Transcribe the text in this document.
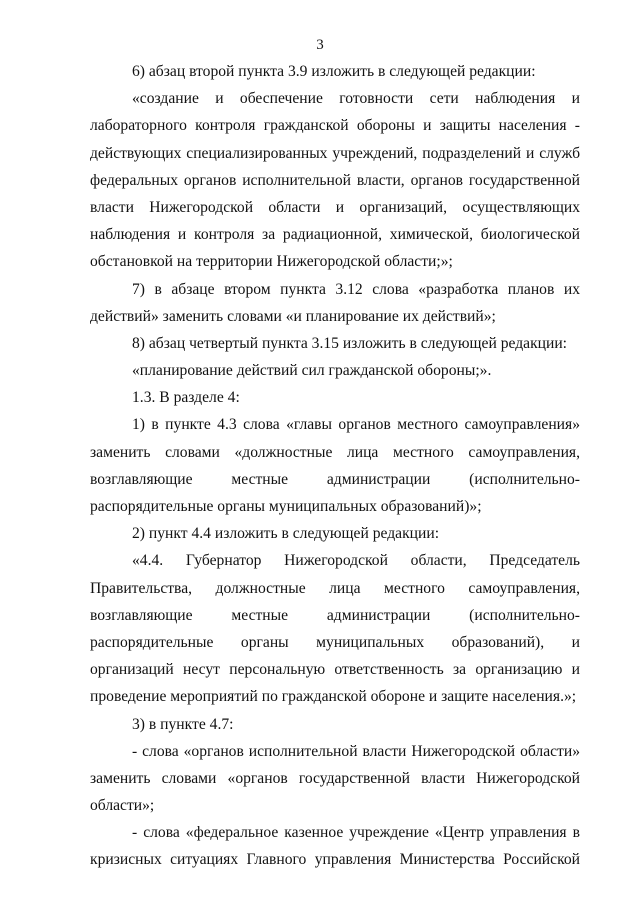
3
6) абзац второй пункта 3.9 изложить в следующей редакции:
«создание и обеспечение готовности сети наблюдения и
лабораторного контроля гражданской обороны и защиты населения -
действующих специализированных учреждений, подразделений и служб
федеральных органов исполнительной власти, органов государственной
власти Нижегородской области и организаций, осуществляющих
наблюдения и контроля за радиационной, химической, биологической
обстановкой на территории Нижегородской области;»;
7) в абзаце втором пункта 3.12 слова «разработка планов их
действий» заменить словами «и планирование их действий»;
8) абзац четвертый пункта 3.15 изложить в следующей редакции:
«планирование действий сил гражданской обороны;».
1.3. В разделе 4:
1) в пункте 4.3 слова «главы органов местного самоуправления»
заменить словами «должностные лица местного самоуправления,
возглавляющие местные администрации (исполнительно-
распорядительные органы муниципальных образований)»;
2) пункт 4.4 изложить в следующей редакции:
«4.4. Губернатор Нижегородской области, Председатель
Правительства, должностные лица местного самоуправления,
возглавляющие местные администрации (исполнительно-
распорядительные органы муниципальных образований), и
организаций несут персональную ответственность за организацию и
проведение мероприятий по гражданской обороне и защите населения.»;
3) в пункте 4.7:
- слова «органов исполнительной власти Нижегородской области»
заменить словами «органов государственной власти Нижегородской
области»;
- слова «федеральное казенное учреждение «Центр управления в
кризисных ситуациях Главного управления Министерства Российской
